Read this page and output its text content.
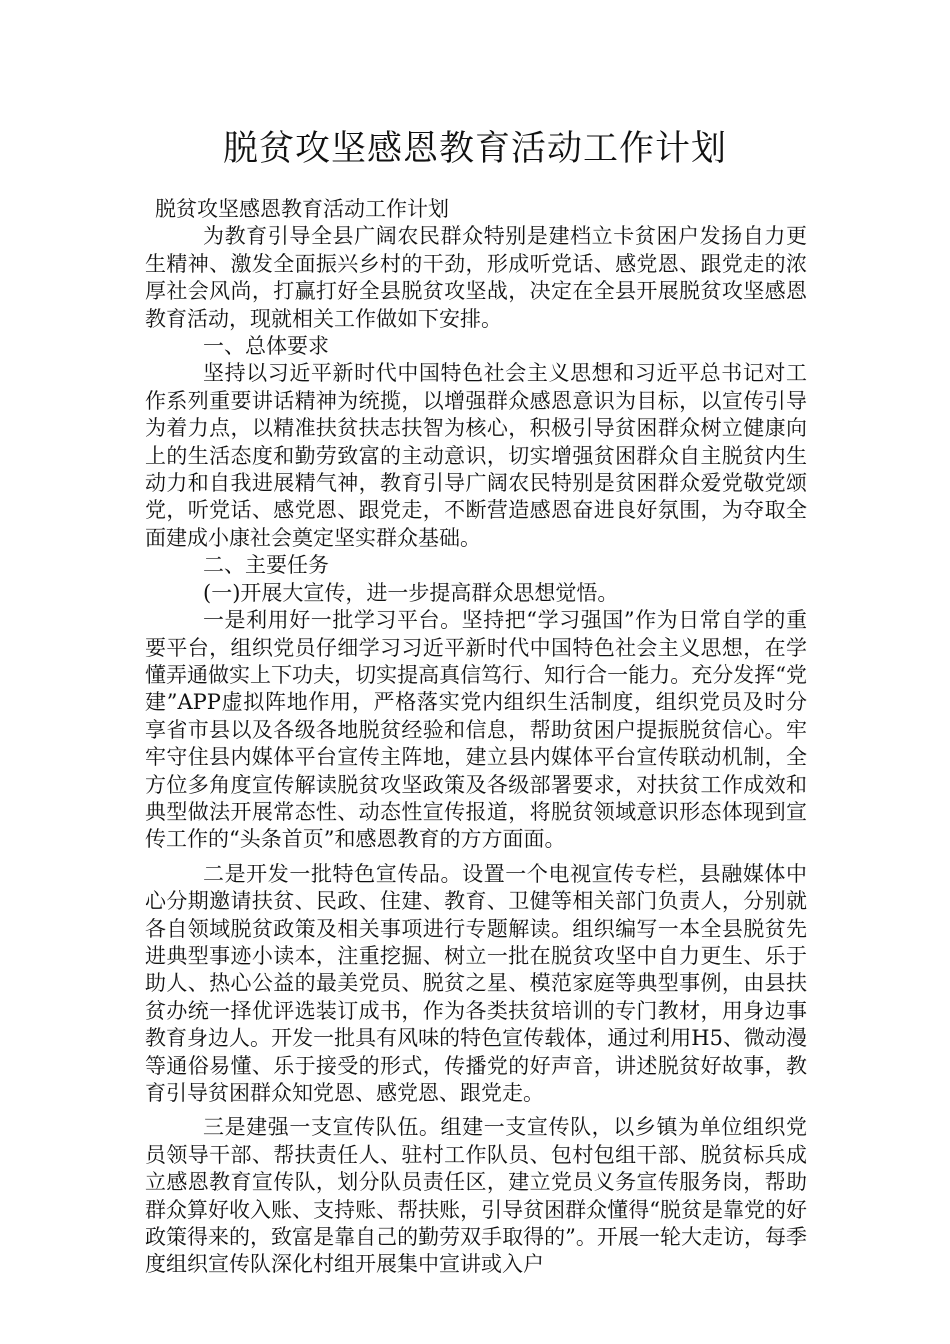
脱贫攻坚感恩教育活动工作计划

脱贫攻坚感恩教育活动工作计划

为教育引导全县广阔农民群众特别是建档立卡贫困户发扬自力更生精神、激发全面振兴乡村的干劲，形成听党话、感党恩、跟党走的浓厚社会风尚，打赢打好全县脱贫攻坚战，决定在全县开展脱贫攻坚感恩教育活动，现就相关工作做如下安排。

一、总体要求

坚持以习近平新时代中国特色社会主义思想和习近平总书记对工作系列重要讲话精神为统揽，以增强群众感恩意识为目标，以宣传引导为着力点，以精准扶贫扶志扶智为核心，积极引导贫困群众树立健康向上的生活态度和勤劳致富的主动意识，切实增强贫困群众自主脱贫内生动力和自我进展精气神，教育引导广阔农民特别是贫困群众爱党敬党颂党，听党话、感党恩、跟党走，不断营造感恩奋进良好氛围，为夺取全面建成小康社会奠定坚实群众基础。

二、主要任务

(一)开展大宣传，进一步提高群众思想觉悟。

一是利用好一批学习平台。坚持把“学习强国”作为日常自学的重要平台，组织党员仔细学习习近平新时代中国特色社会主义思想，在学懂弄通做实上下功夫，切实提高真信笃行、知行合一能力。充分发挥“党建”APP虚拟阵地作用，严格落实党内组织生活制度，组织党员及时分享省市县以及各级各地脱贫经验和信息，帮助贫困户提振脱贫信心。牢牢守住县内媒体平台宣传主阵地，建立县内媒体平台宣传联动机制，全方位多角度宣传解读脱贫攻坚政策及各级部署要求，对扶贫工作成效和典型做法开展常态性、动态性宣传报道，将脱贫领域意识形态体现到宣传工作的“头条首页”和感恩教育的方方面面。

二是开发一批特色宣传品。设置一个电视宣传专栏，县融媒体中心分期邀请扶贫、民政、住建、教育、卫健等相关部门负责人，分别就各自领域脱贫政策及相关事项进行专题解读。组织编写一本全县脱贫先进典型事迹小读本，注重挖掘、树立一批在脱贫攻坚中自力更生、乐于助人、热心公益的最美党员、脱贫之星、模范家庭等典型事例，由县扶贫办统一择优评选装订成书，作为各类扶贫培训的专门教材，用身边事教育身边人。开发一批具有风味的特色宣传载体，通过利用H5、微动漫等通俗易懂、乐于接受的形式，传播党的好声音，讲述脱贫好故事，教育引导贫困群众知党恩、感党恩、跟党走。

三是建强一支宣传队伍。组建一支宣传队，以乡镇为单位组织党员领导干部、帮扶责任人、驻村工作队员、包村包组干部、脱贫标兵成立感恩教育宣传队，划分队员责任区，建立党员义务宣传服务岗，帮助群众算好收入账、支持账、帮扶账，引导贫困群众懂得“脱贫是靠党的好政策得来的，致富是靠自己的勤劳双手取得的”。开展一轮大走访，每季度组织宣传队深化村组开展集中宣讲或入户
